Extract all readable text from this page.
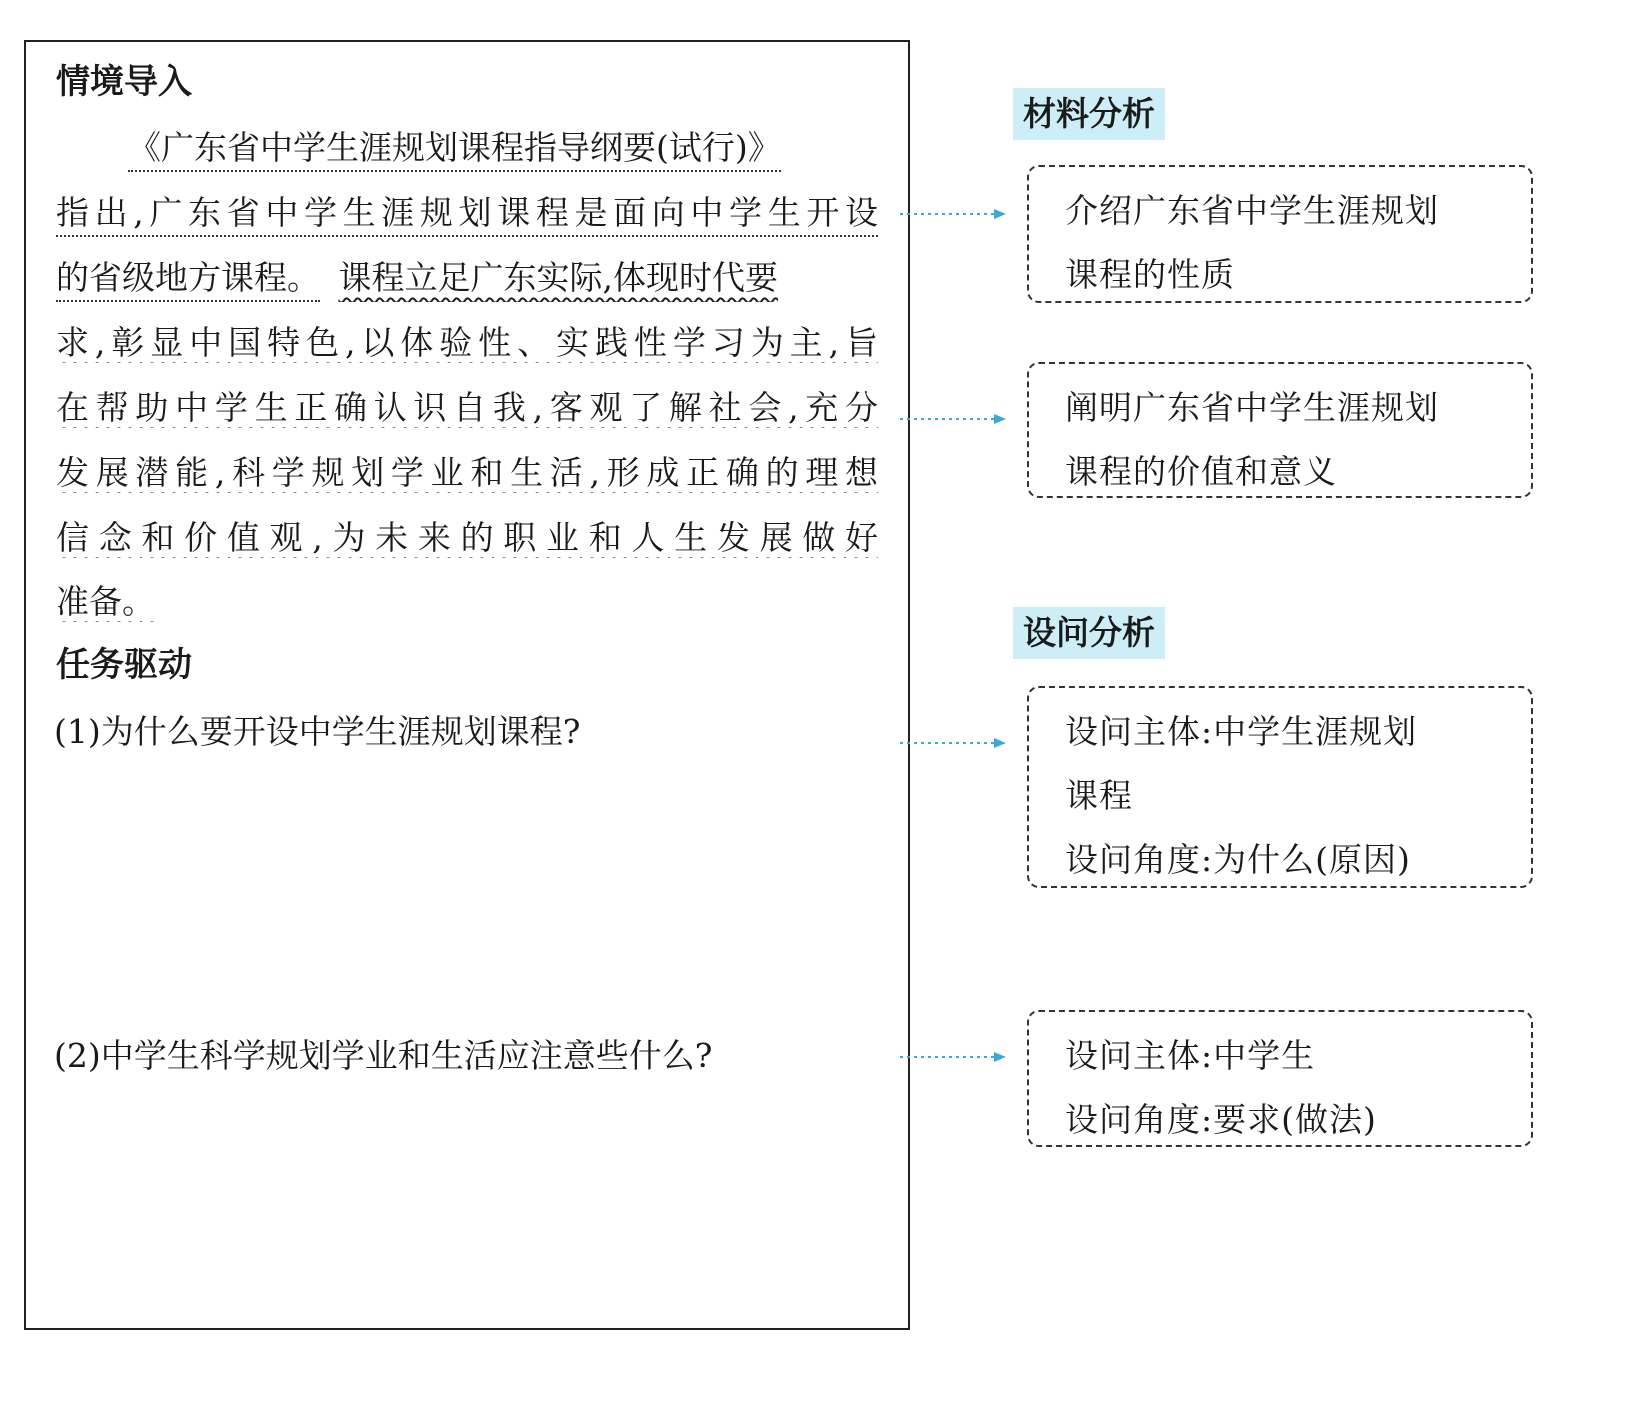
情境导入
《广东省中学生涯规划课程指导纲要(试行)》
指出,广东省中学生涯规划课程是面向中学生开设
的省级地方课程。 课程立足广东实际,体现时代要
求,彰显中国特色,以体验性、实践性学习为主,旨
在帮助中学生正确认识自我,客观了解社会,充分
发展潜能,科学规划学业和生活,形成正确的理想
信念和价值观,为未来的职业和人生发展做好
准备。
任务驱动
(1)为什么要开设中学生涯规划课程?
(2)中学生科学规划学业和生活应注意些什么?
材料分析
介绍广东省中学生涯规划
课程的性质
阐明广东省中学生涯规划
课程的价值和意义
设问分析
设问主体:中学生涯规划
课程
设问角度:为什么(原因)
设问主体:中学生
设问角度:要求(做法)
